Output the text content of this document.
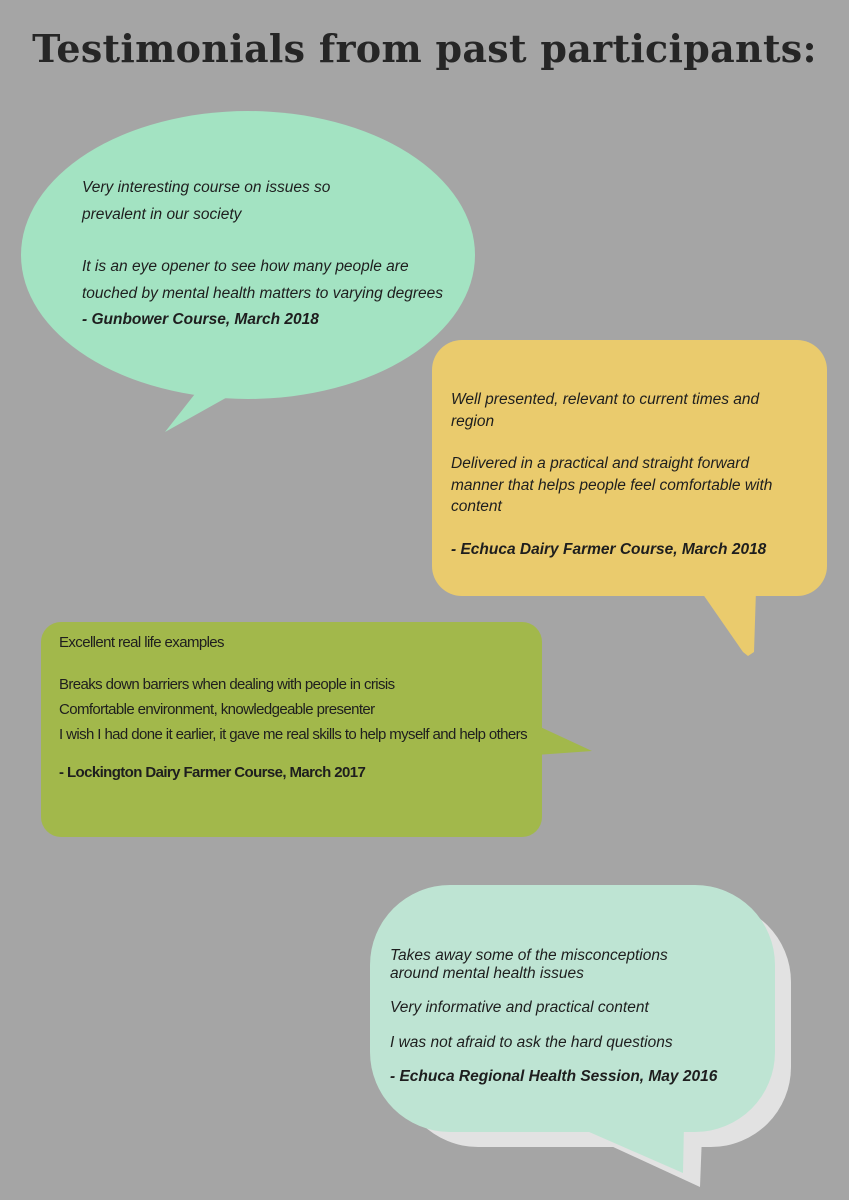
Testimonials from past participants:

Very interesting course on issues so

prevalent in our society

It is an eye opener to see how many people are

touched by mental health matters to varying degrees

- Gunbower Course, March 2018

Well presented, relevant to current times and

region

Delivered in a practical and straight forward

manner that helps people feel comfortable with

content

- Echuca Dairy Farmer Course, March 2018

Excellent real life examples

Breaks down barriers when dealing with people in crisis

Comfortable environment, knowledgeable presenter

I wish I had done it earlier, it gave me real skills to help myself and help others

- Lockington Dairy Farmer Course, March 2017

Takes away some of the misconceptions

around mental health issues

Very informative and practical content

I was not afraid to ask the hard questions

- Echuca Regional Health Session, May 2016
